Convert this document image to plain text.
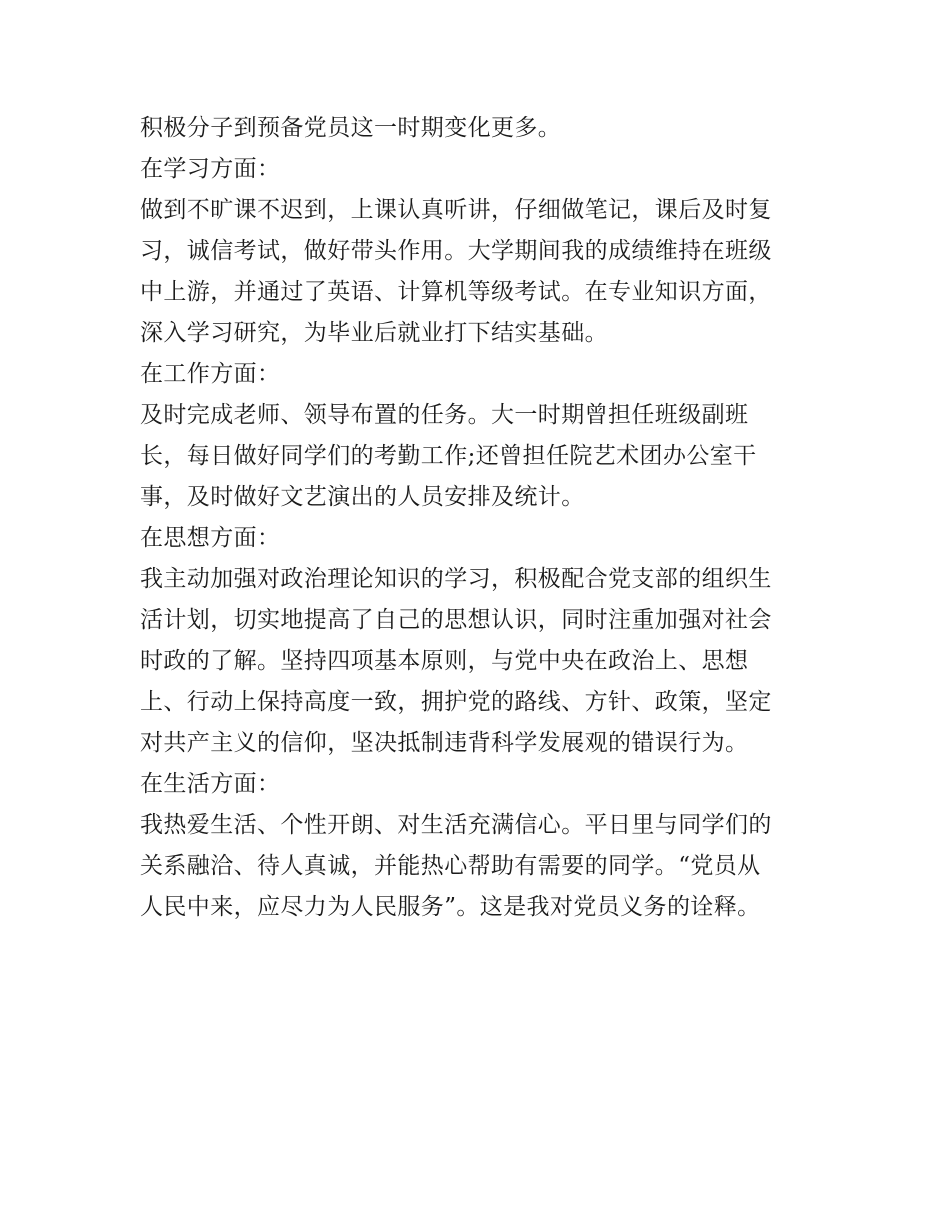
积极分子到预备党员这一时期变化更多。

在学习方面：

做到不旷课不迟到，上课认真听讲，仔细做笔记，课后及时复

习，诚信考试，做好带头作用。大学期间我的成绩维持在班级

中上游，并通过了英语、计算机等级考试。在专业知识方面，

深入学习研究，为毕业后就业打下结实基础。

在工作方面：

及时完成老师、领导布置的任务。大一时期曾担任班级副班

长，每日做好同学们的考勤工作;还曾担任院艺术团办公室干

事，及时做好文艺演出的人员安排及统计。

在思想方面：

我主动加强对政治理论知识的学习，积极配合党支部的组织生

活计划，切实地提高了自己的思想认识，同时注重加强对社会

时政的了解。坚持四项基本原则，与党中央在政治上、思想

上、行动上保持高度一致，拥护党的路线、方针、政策，坚定

对共产主义的信仰，坚决抵制违背科学发展观的错误行为。

在生活方面：

我热爱生活、个性开朗、对生活充满信心。平日里与同学们的

关系融洽、待人真诚，并能热心帮助有需要的同学。“党员从

人民中来，应尽力为人民服务”。这是我对党员义务的诠释。
